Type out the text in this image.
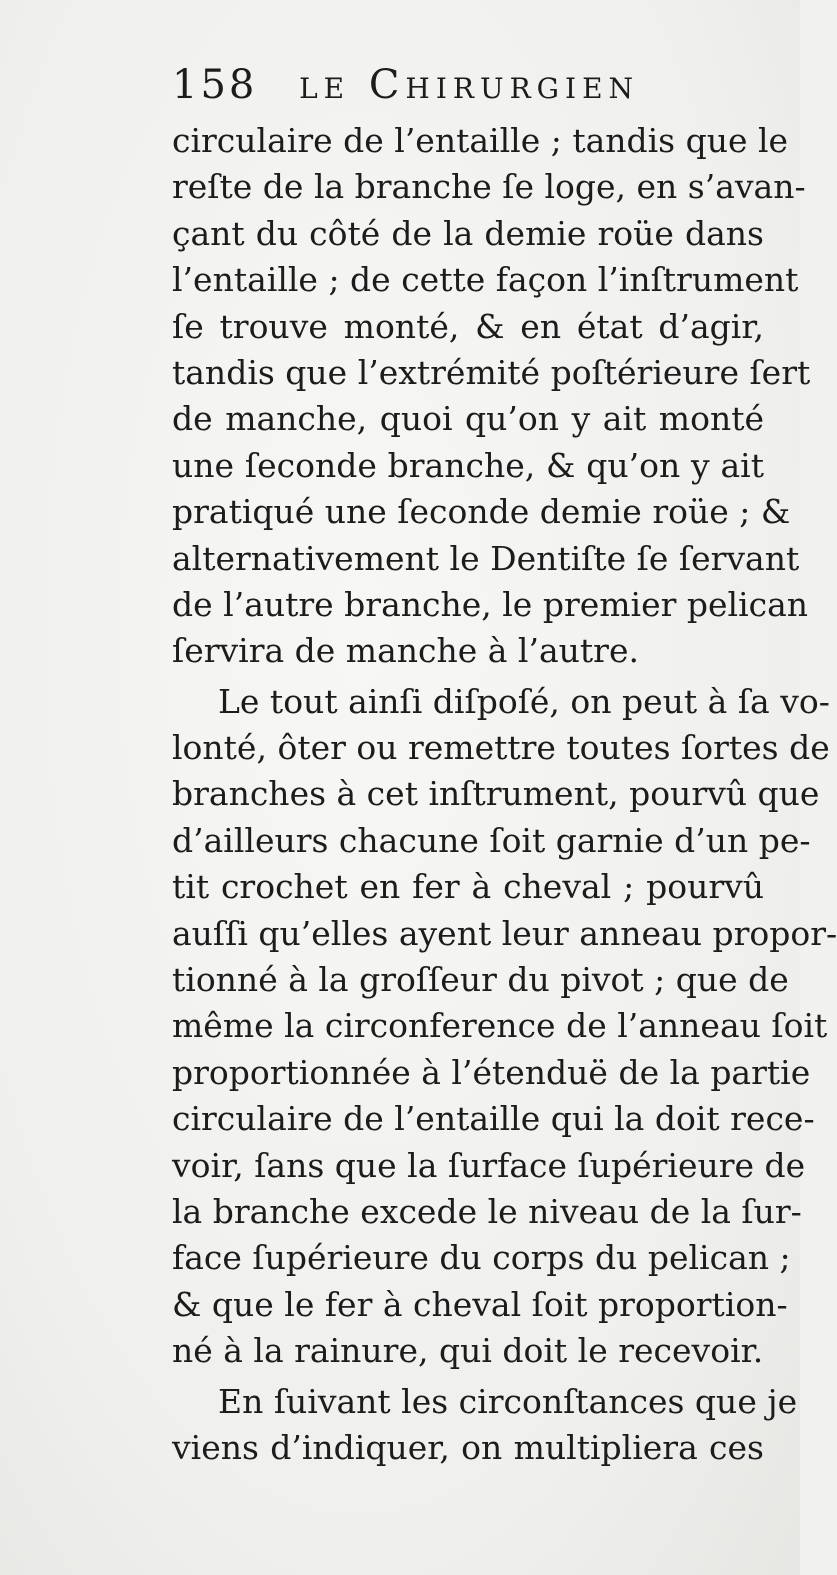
158 le Chirurgien
circulaire de l’entaille ; tandis que le
reſte de la branche ſe loge, en s’avan-
çant du côté de la demie roüe dans
l’entaille ; de cette façon l’inſtrument
ſe trouve monté, & en état d’agir,
tandis que l’extrémité poſtérieure ſert
de manche, quoi qu’on y ait monté
une ſeconde branche, & qu’on y ait
pratiqué une ſeconde demie roüe ; &
alternativement le Dentiſte ſe ſervant
de l’autre branche, le premier pelican
ſervira de manche à l’autre.
Le tout ainſi diſpoſé, on peut à ſa vo-
lonté, ôter ou remettre toutes ſortes de
branches à cet inſtrument, pourvû que
d’ailleurs chacune ſoit garnie d’un pe-
tit crochet en fer à cheval ; pourvû
auſſi qu’elles ayent leur anneau propor-
tionné à la groſſeur du pivot ; que de
même la circonference de l’anneau ſoit
proportionnée à l’étenduë de la partie
circulaire de l’entaille qui la doit rece-
voir, ſans que la ſurface ſupérieure de
la branche excede le niveau de la ſur-
face ſupérieure du corps du pelican ;
& que le fer à cheval ſoit proportion-
né à la rainure, qui doit le recevoir.
En ſuivant les circonſtances que je
viens d’indiquer, on multipliera ces
